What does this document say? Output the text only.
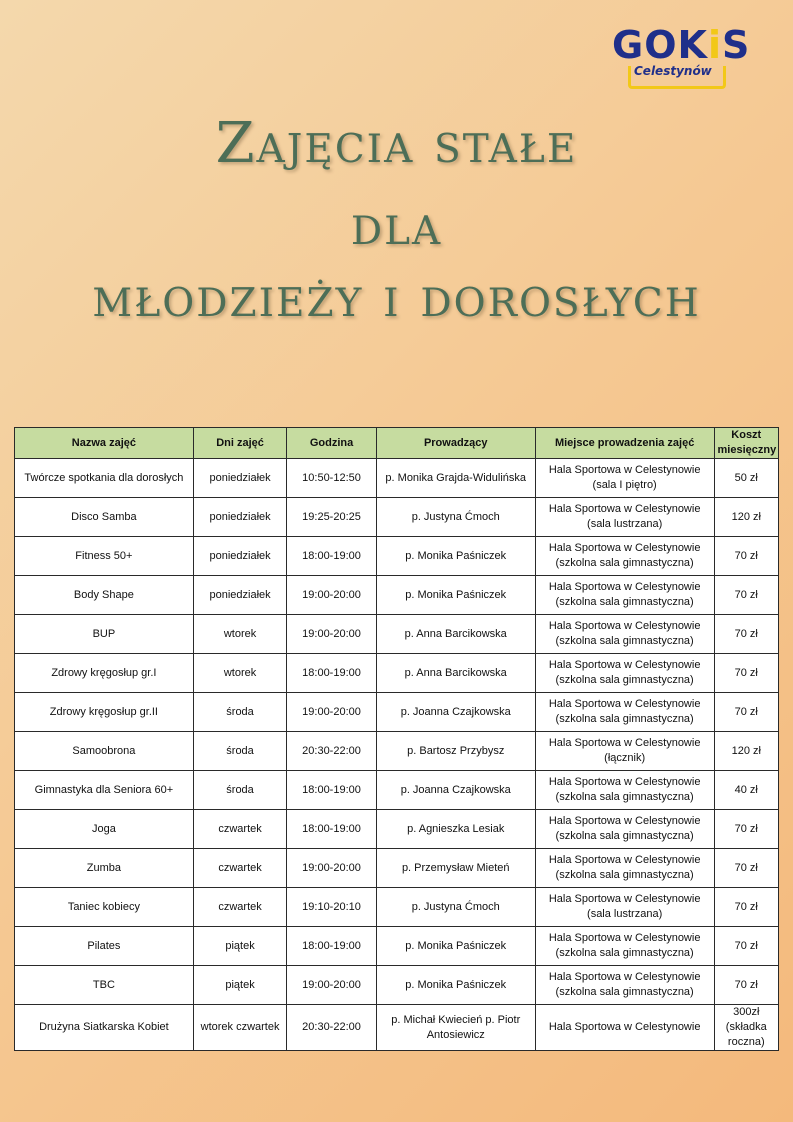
GOKiS
Celestynów
Zajęcia stałe
dla
młodzieży i dorosłych
Nazwa zajęć	Dni zajęć	Godzina	Prowadzący	Miejsce prowadzenia zajęć	Koszt miesięczny
Twórcze spotkania dla dorosłych	poniedziałek	10:50-12:50	p. Monika Grajda-Widulińska	Hala Sportowa w Celestynowie (sala I piętro)	50 zł
Disco Samba	poniedziałek	19:25-20:25	p. Justyna Ćmoch	Hala Sportowa w Celestynowie (sala lustrzana)	120 zł
Fitness 50+	poniedziałek	18:00-19:00	p. Monika Paśniczek	Hala Sportowa w Celestynowie (szkolna sala gimnastyczna)	70 zł
Body Shape	poniedziałek	19:00-20:00	p. Monika Paśniczek	Hala Sportowa w Celestynowie (szkolna sala gimnastyczna)	70 zł
BUP	wtorek	19:00-20:00	p. Anna Barcikowska	Hala Sportowa w Celestynowie (szkolna sala gimnastyczna)	70 zł
Zdrowy kręgosłup gr.I	wtorek	18:00-19:00	p. Anna Barcikowska	Hala Sportowa w Celestynowie (szkolna sala gimnastyczna)	70 zł
Zdrowy kręgosłup gr.II	środa	19:00-20:00	p. Joanna Czajkowska	Hala Sportowa w Celestynowie (szkolna sala gimnastyczna)	70 zł
Samoobrona	środa	20:30-22:00	p. Bartosz Przybysz	Hala Sportowa w Celestynowie (łącznik)	120 zł
Gimnastyka dla Seniora 60+	środa	18:00-19:00	p. Joanna Czajkowska	Hala Sportowa w Celestynowie (szkolna sala gimnastyczna)	40 zł
Joga	czwartek	18:00-19:00	p. Agnieszka Lesiak	Hala Sportowa w Celestynowie (szkolna sala gimnastyczna)	70 zł
Zumba	czwartek	19:00-20:00	p. Przemysław Mieteń	Hala Sportowa w Celestynowie (szkolna sala gimnastyczna)	70 zł
Taniec kobiecy	czwartek	19:10-20:10	p. Justyna Ćmoch	Hala Sportowa w Celestynowie (sala lustrzana)	70 zł
Pilates	piątek	18:00-19:00	p. Monika Paśniczek	Hala Sportowa w Celestynowie (szkolna sala gimnastyczna)	70 zł
TBC	piątek	19:00-20:00	p. Monika Paśniczek	Hala Sportowa w Celestynowie (szkolna sala gimnastyczna)	70 zł
Drużyna Siatkarska Kobiet	wtorek czwartek	20:30-22:00	p. Michał Kwiecień p. Piotr Antosiewicz	Hala Sportowa w Celestynowie	300zł (składka roczna)
